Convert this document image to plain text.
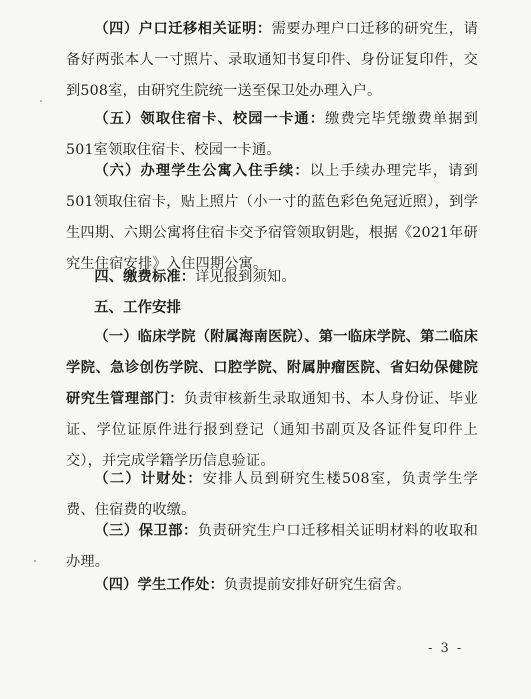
（四）户口迁移相关证明：需要办理户口迁移的研究生，请备好两张本人一寸照片、录取通知书复印件、身份证复印件，交到508室，由研究生院统一送至保卫处办理入户。

（五）领取住宿卡、校园一卡通：缴费完毕凭缴费单据到501室领取住宿卡、校园一卡通。

（六）办理学生公寓入住手续：以上手续办理完毕，请到501领取住宿卡，贴上照片（小一寸的蓝色彩色免冠近照），到学生四期、六期公寓将住宿卡交予宿管领取钥匙，根据《2021年研究生住宿安排》入住四期公寓。

四、缴费标准：详见报到须知。

五、工作安排

（一）临床学院（附属海南医院）、第一临床学院、第二临床学院、急诊创伤学院、口腔学院、附属肿瘤医院、省妇幼保健院研究生管理部门：负责审核新生录取通知书、本人身份证、毕业证、学位证原件进行报到登记（通知书副页及各证件复印件上交），并完成学籍学历信息验证。

（二）计财处：安排人员到研究生楼508室，负责学生学费、住宿费的收缴。

（三）保卫部：负责研究生户口迁移相关证明材料的收取和办理。

（四）学生工作处：负责提前安排好研究生宿舍。

- 3 -
